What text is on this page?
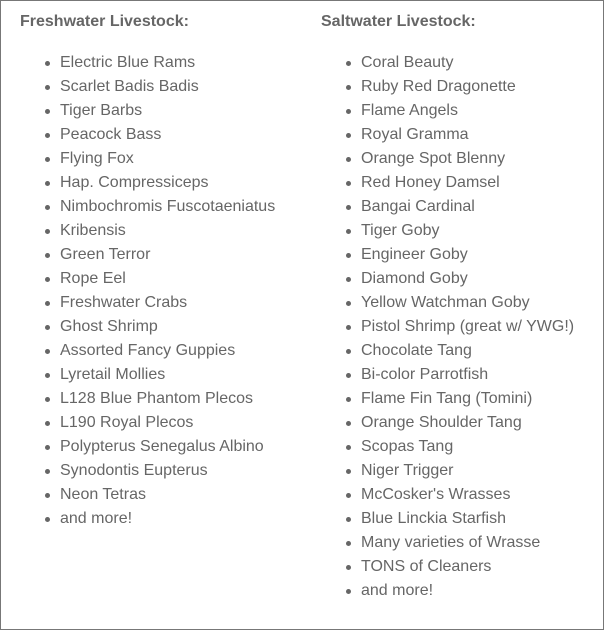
Freshwater Livestock:
Electric Blue Rams
Scarlet Badis Badis
Tiger Barbs
Peacock Bass
Flying Fox
Hap. Compressiceps
Nimbochromis Fuscotaeniatus
Kribensis
Green Terror
Rope Eel
Freshwater Crabs
Ghost Shrimp
Assorted Fancy Guppies
Lyretail Mollies
L128 Blue Phantom Plecos
L190 Royal Plecos
Polypterus Senegalus Albino
Synodontis Eupterus
Neon Tetras
and more!
Saltwater Livestock:
Coral Beauty
Ruby Red Dragonette
Flame Angels
Royal Gramma
Orange Spot Blenny
Red Honey Damsel
Bangai Cardinal
Tiger Goby
Engineer Goby
Diamond Goby
Yellow Watchman Goby
Pistol Shrimp (great w/ YWG!)
Chocolate Tang
Bi-color Parrotfish
Flame Fin Tang (Tomini)
Orange Shoulder Tang
Scopas Tang
Niger Trigger
McCosker's Wrasses
Blue Linckia Starfish
Many varieties of Wrasse
TONS of Cleaners
and more!
